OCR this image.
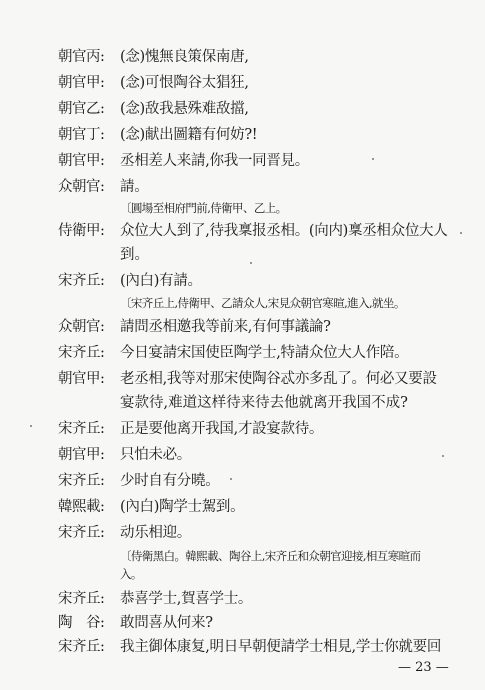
朝官丙: (念)愧無良策保南唐,
朝官甲: (念)可恨陶谷太猖狂,
朝官乙: (念)敌我悬殊难敌擋,
朝官丁: (念)献出圖籍有何妨?!
朝官甲: 丞相差人来請,你我一同晋見。
众朝官: 請。
〔圓場至相府門前,侍衛甲、乙上。
侍衛甲: 众位大人到了,待我稟报丞相。(向内)稟丞相众位大人
到。
宋齐丘: (內白)有請。
〔宋齐丘上,侍衛甲、乙請众人,宋見众朝官寒暄,進入,就坐。
众朝官: 請問丞相邀我等前来,有何事議論?
宋齐丘: 今日宴請宋国使臣陶学士,特請众位大人作陪。
朝官甲: 老丞相,我等对那宋使陶谷忒亦多乱了。何必又要設
宴款待,难道这样待来待去他就离开我国不成?
宋齐丘: 正是要他离开我国,才設宴款待。
朝官甲: 只怕未必。
宋齐丘: 少时自有分曉。
韓熙載: (內白)陶学士駕到。
宋齐丘: 动乐相迎。
〔侍衛黑白。韓熙載、陶谷上,宋齐丘和众朝官迎接,相互寒暄而
入。
宋齐丘: 恭喜学士,賀喜学士。
陶　谷: 敢問喜从何来?
宋齐丘: 我主御体康复,明日早朝便請学士相見,学士你就要回
— 23 —
